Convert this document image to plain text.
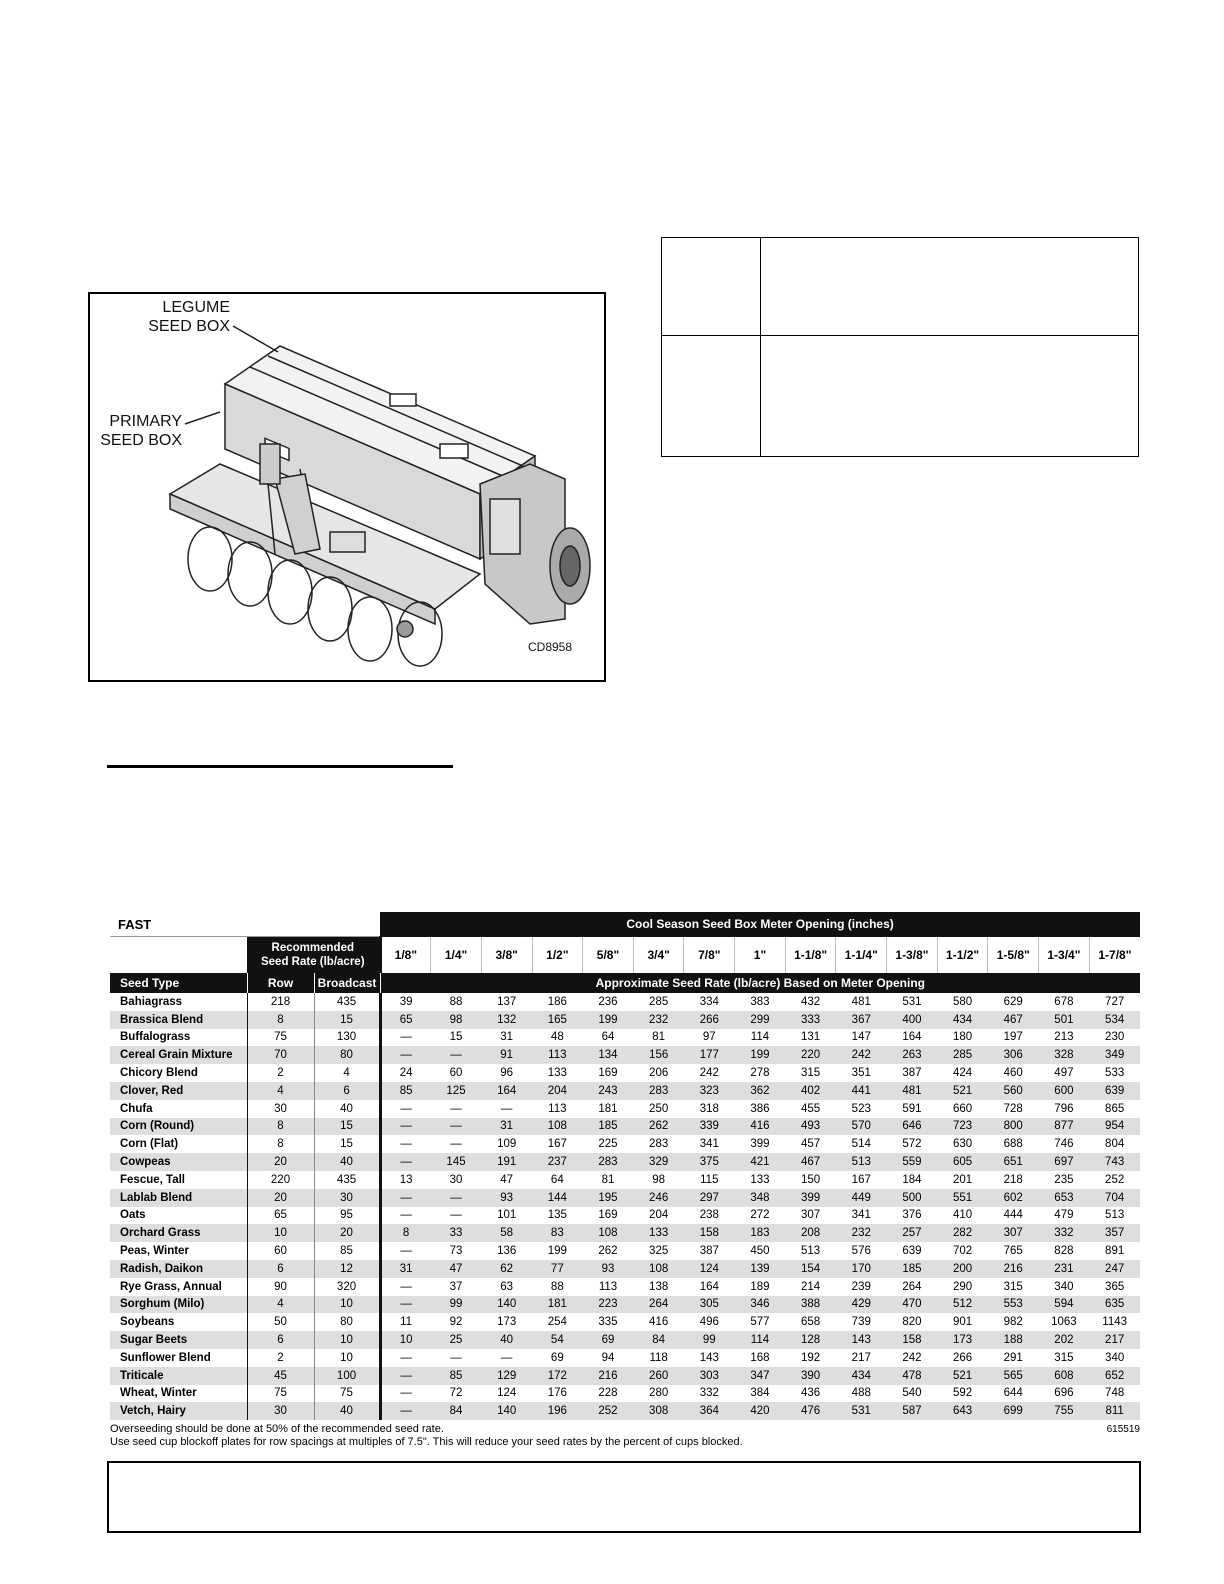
LEGUME
SEED BOX
PRIMARY
SEED BOX
CD8958
FAST			Cool Season Seed Box Meter Opening (inches)														

	Recommended
Seed Rate (lb/acre)		1/8"	1/4"	3/8"	1/2"	5/8"	3/4"	7/8"	1"	1-1/8"	1-1/4"	1-3/8"	1-1/2"	1-5/8"	1-3/4"	1-7/8"
Seed Type	Row	Broadcast	Approximate Seed Rate (lb/acre) Based on Meter Opening														
Bahiagrass	218	435	39	88	137	186	236	285	334	383	432	481	531	580	629	678	727
Brassica Blend	8	15	65	98	132	165	199	232	266	299	333	367	400	434	467	501	534
Buffalograss	75	130	—	15	31	48	64	81	97	114	131	147	164	180	197	213	230
Cereal Grain Mixture	70	80	—	—	91	113	134	156	177	199	220	242	263	285	306	328	349
Chicory Blend	2	4	24	60	96	133	169	206	242	278	315	351	387	424	460	497	533
Clover, Red	4	6	85	125	164	204	243	283	323	362	402	441	481	521	560	600	639
Chufa	30	40	—	—	—	113	181	250	318	386	455	523	591	660	728	796	865
Corn (Round)	8	15	—	—	31	108	185	262	339	416	493	570	646	723	800	877	954
Corn (Flat)	8	15	—	—	109	167	225	283	341	399	457	514	572	630	688	746	804
Cowpeas	20	40	—	145	191	237	283	329	375	421	467	513	559	605	651	697	743
Fescue, Tall	220	435	13	30	47	64	81	98	115	133	150	167	184	201	218	235	252
Lablab Blend	20	30	—	—	93	144	195	246	297	348	399	449	500	551	602	653	704
Oats	65	95	—	—	101	135	169	204	238	272	307	341	376	410	444	479	513
Orchard Grass	10	20	8	33	58	83	108	133	158	183	208	232	257	282	307	332	357
Peas, Winter	60	85	—	73	136	199	262	325	387	450	513	576	639	702	765	828	891
Radish, Daikon	6	12	31	47	62	77	93	108	124	139	154	170	185	200	216	231	247
Rye Grass, Annual	90	320	—	37	63	88	113	138	164	189	214	239	264	290	315	340	365
Sorghum (Milo)	4	10	—	99	140	181	223	264	305	346	388	429	470	512	553	594	635
Soybeans	50	80	11	92	173	254	335	416	496	577	658	739	820	901	982	1063	1143
Sugar Beets	6	10	10	25	40	54	69	84	99	114	128	143	158	173	188	202	217
Sunflower Blend	2	10	—	—	—	69	94	118	143	168	192	217	242	266	291	315	340
Triticale	45	100	—	85	129	172	216	260	303	347	390	434	478	521	565	608	652
Wheat, Winter	75	75	—	72	124	176	228	280	332	384	436	488	540	592	644	696	748
Vetch, Hairy	30	40	—	84	140	196	252	308	364	420	476	531	587	643	699	755	811
Overseeding should be done at 50% of the recommended seed rate.
Use seed cup blockoff plates for row spacings at multiples of 7.5". This will reduce your seed rates by the percent of cups blocked.
615519
